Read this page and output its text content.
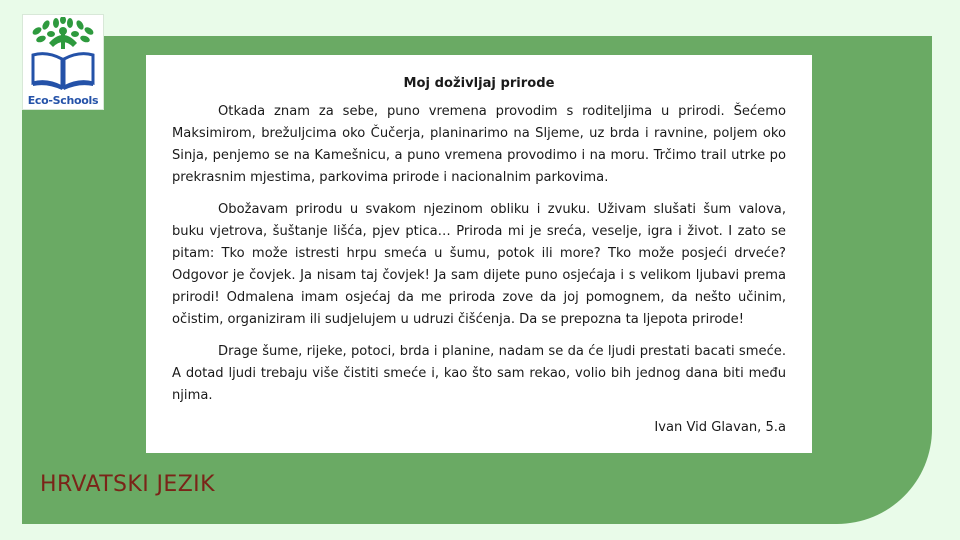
Eco-Schools
Moj doživljaj prirode

Otkada znam za sebe, puno vremena provodim s roditeljima u prirodi. Šećemo Maksimirom, brežuljcima oko Čučerja, planinarimo na Sljeme, uz brda i ravnine, poljem oko Sinja, penjemo se na Kamešnicu, a puno vremena provodimo i na moru. Trčimo trail utrke po prekrasnim mjestima, parkovima prirode i nacionalnim parkovima.

Obožavam prirodu u svakom njezinom obliku i zvuku. Uživam slušati šum valova, buku vjetrova, šuštanje lišća, pjev ptica… Priroda mi je sreća, veselje, igra i život. I zato se pitam: Tko može istresti hrpu smeća u šumu, potok ili more? Tko može posjeći drveće? Odgovor je čovjek. Ja nisam taj čovjek! Ja sam dijete puno osjećaja i s velikom ljubavi prema prirodi! Odmalena imam osjećaj da me priroda zove da joj pomognem, da nešto učinim, očistim, organiziram ili sudjelujem u udruzi čišćenja. Da se prepozna ta ljepota prirode!

Drage šume, rijeke, potoci, brda i planine, nadam se da će ljudi prestati bacati smeće. A dotad ljudi trebaju više čistiti smeće i, kao što sam rekao, volio bih jednog dana biti među njima.

Ivan Vid Glavan, 5.a

HRVATSKI JEZIK
